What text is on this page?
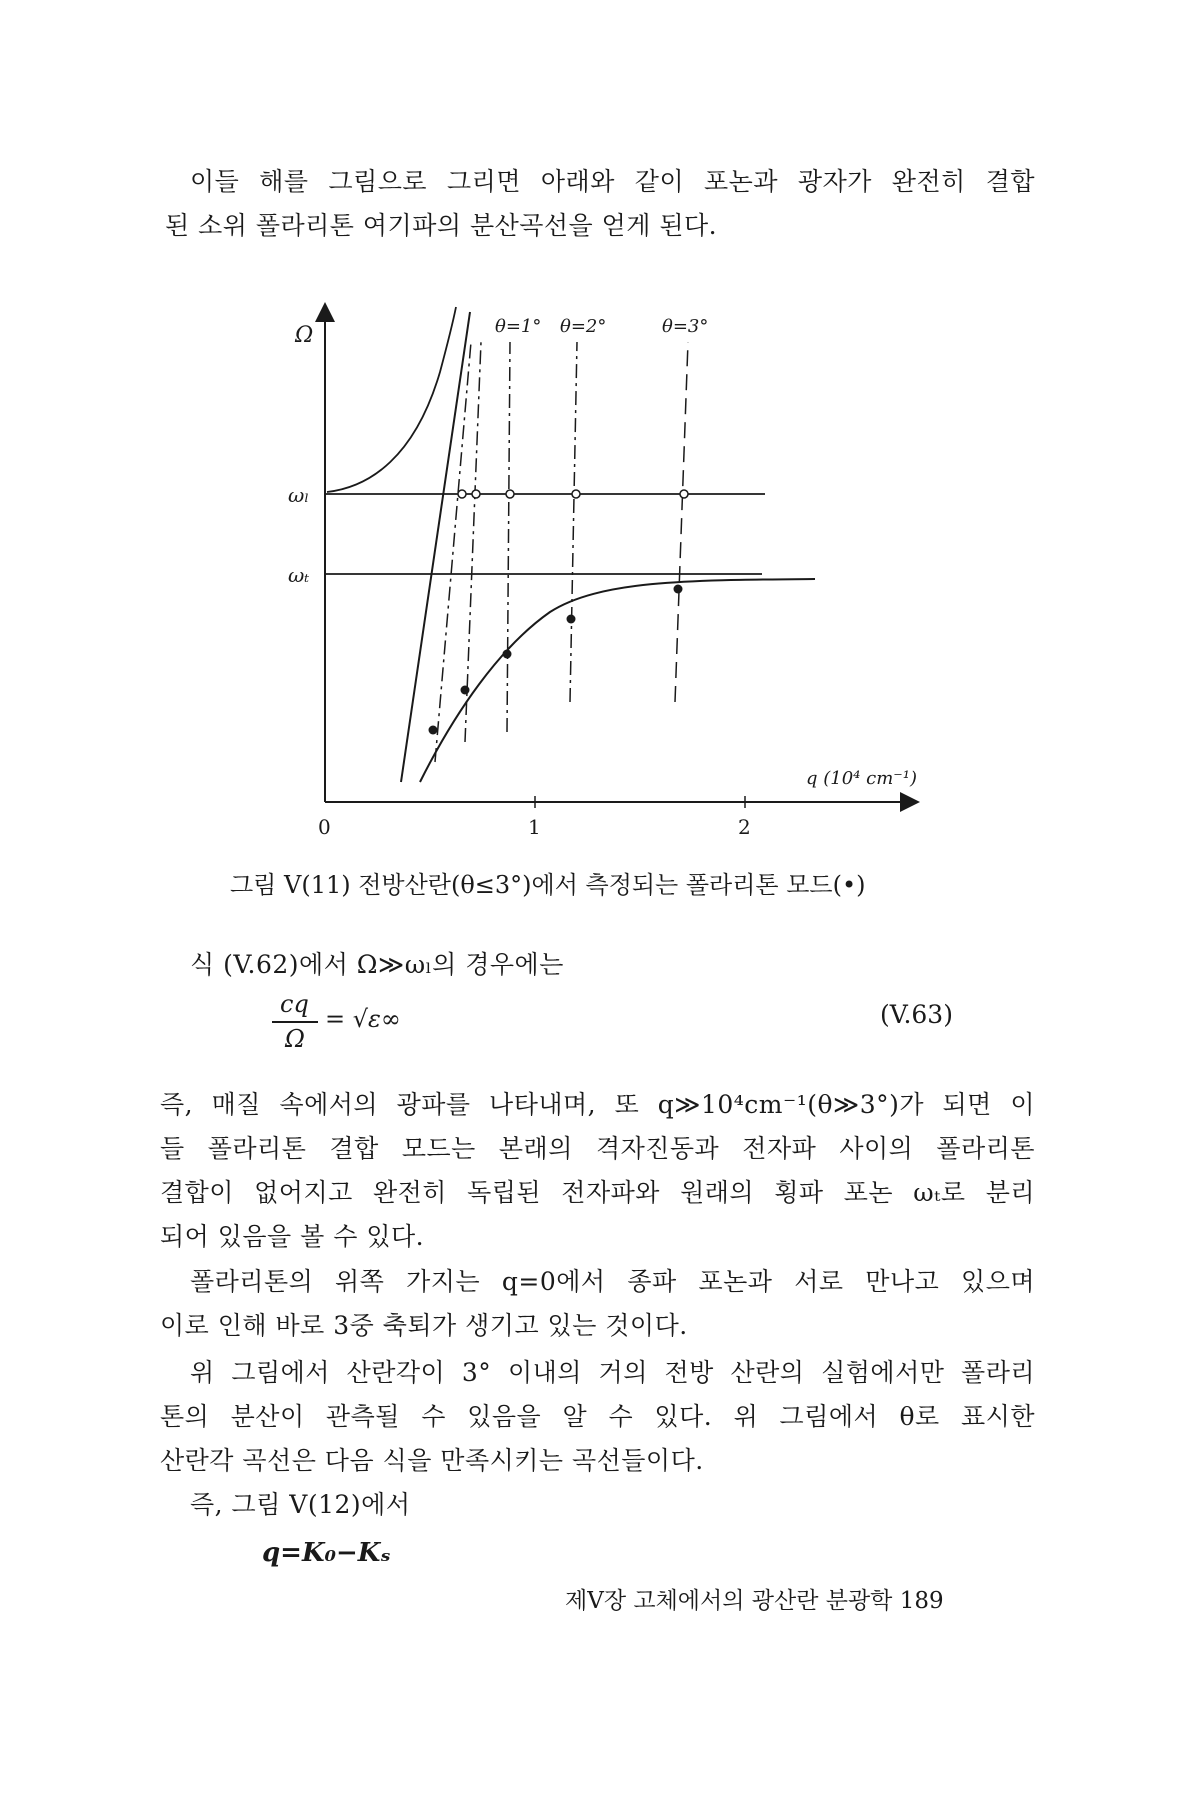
이들 해를 그림으로 그리면 아래와 같이 포논과 광자가 완전히 결합
된 소위 폴라리톤 여기파의 분산곡선을 얻게 된다.
Ω
q (10⁴ cm⁻¹)
0	1	2
ωₗ
ωₜ
θ=1° θ=2°	θ=3°
그림 V(11) 전방산란(θ≤3°)에서 측정되는 폴라리톤 모드(•)
식 (V.62)에서 Ω≫ωₗ의 경우에는
cq
Ω
= √ε∞	(V.63)
즉, 매질 속에서의 광파를 나타내며, 또 q≫10⁴cm⁻¹(θ≫3°)가 되면 이
들 폴라리톤 결합 모드는 본래의 격자진동과 전자파 사이의 폴라리톤
결합이 없어지고 완전히 독립된 전자파와 원래의 횡파 포논 ωₜ로 분리
되어 있음을 볼 수 있다.
폴라리톤의 위쪽 가지는 q=0에서 종파 포논과 서로 만나고 있으며
이로 인해 바로 3중 축퇴가 생기고 있는 것이다.
위 그림에서 산란각이 3° 이내의 거의 전방 산란의 실험에서만 폴라리
톤의 분산이 관측될 수 있음을 알 수 있다. 위 그림에서 θ로 표시한
산란각 곡선은 다음 식을 만족시키는 곡선들이다.
즉, 그림 V(12)에서
q=K₀−Kₛ
제V장 고체에서의 광산란 분광학 189
